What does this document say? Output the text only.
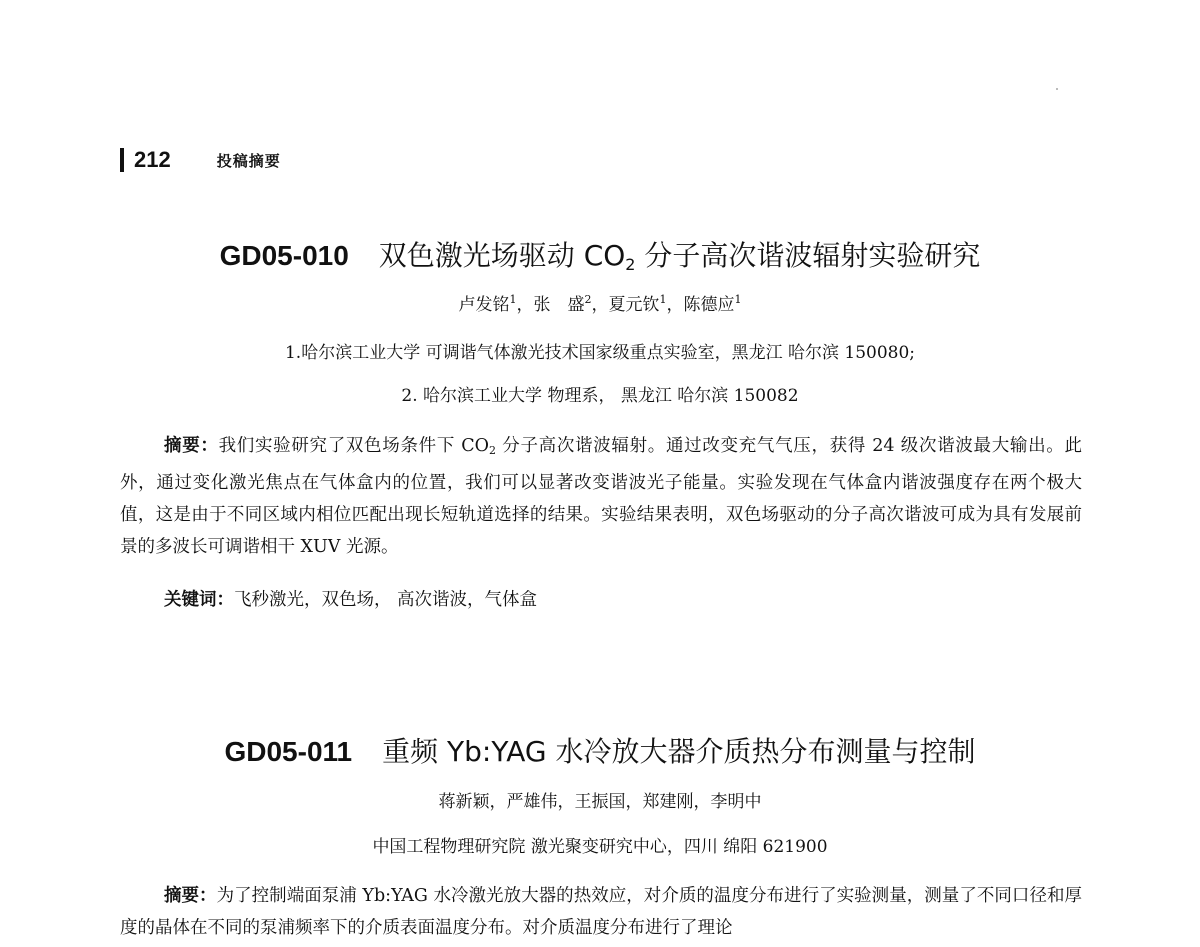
212	投稿摘要
GD05-010 双色激光场驱动 $CO_2$ 分子高次谐波辐射实验研究
卢发铭$^1$，张　盛$^2$，夏元钦$^1$，陈德应$^1$
1.哈尔滨工业大学 可调谐气体激光技术国家级重点实验室，黑龙江 哈尔滨 150080;
2. 哈尔滨工业大学 物理系， 黑龙江 哈尔滨 150082

摘要：我们实验研究了双色场条件下 $CO_2$ 分子高次谐波辐射。通过改变充气气压，获得 24 级次谐波最大输出。此外，通过变化激光焦点在气体盒内的位置，我们可以显著改变谐波光子能量。实验发现在气体盒内谐波强度存在两个极大值，这是由于不同区域内相位匹配出现长短轨道选择的结果。实验结果表明，双色场驱动的分子高次谐波可成为具有发展前景的多波长可调谐相干 XUV 光源。

关键词：飞秒激光，双色场， 高次谐波，气体盒
GD05-011 重频 Yb:YAG 水冷放大器介质热分布测量与控制
蒋新颖，严雄伟，王振国，郑建刚，李明中
中国工程物理研究院 激光聚变研究中心，四川 绵阳 621900

摘要：为了控制端面泵浦 Yb:YAG 水冷激光放大器的热效应，对介质的温度分布进行了实验测量，测量了不同口径和厚度的晶体在不同的泵浦频率下的介质表面温度分布。对介质温度分布进行了理论
